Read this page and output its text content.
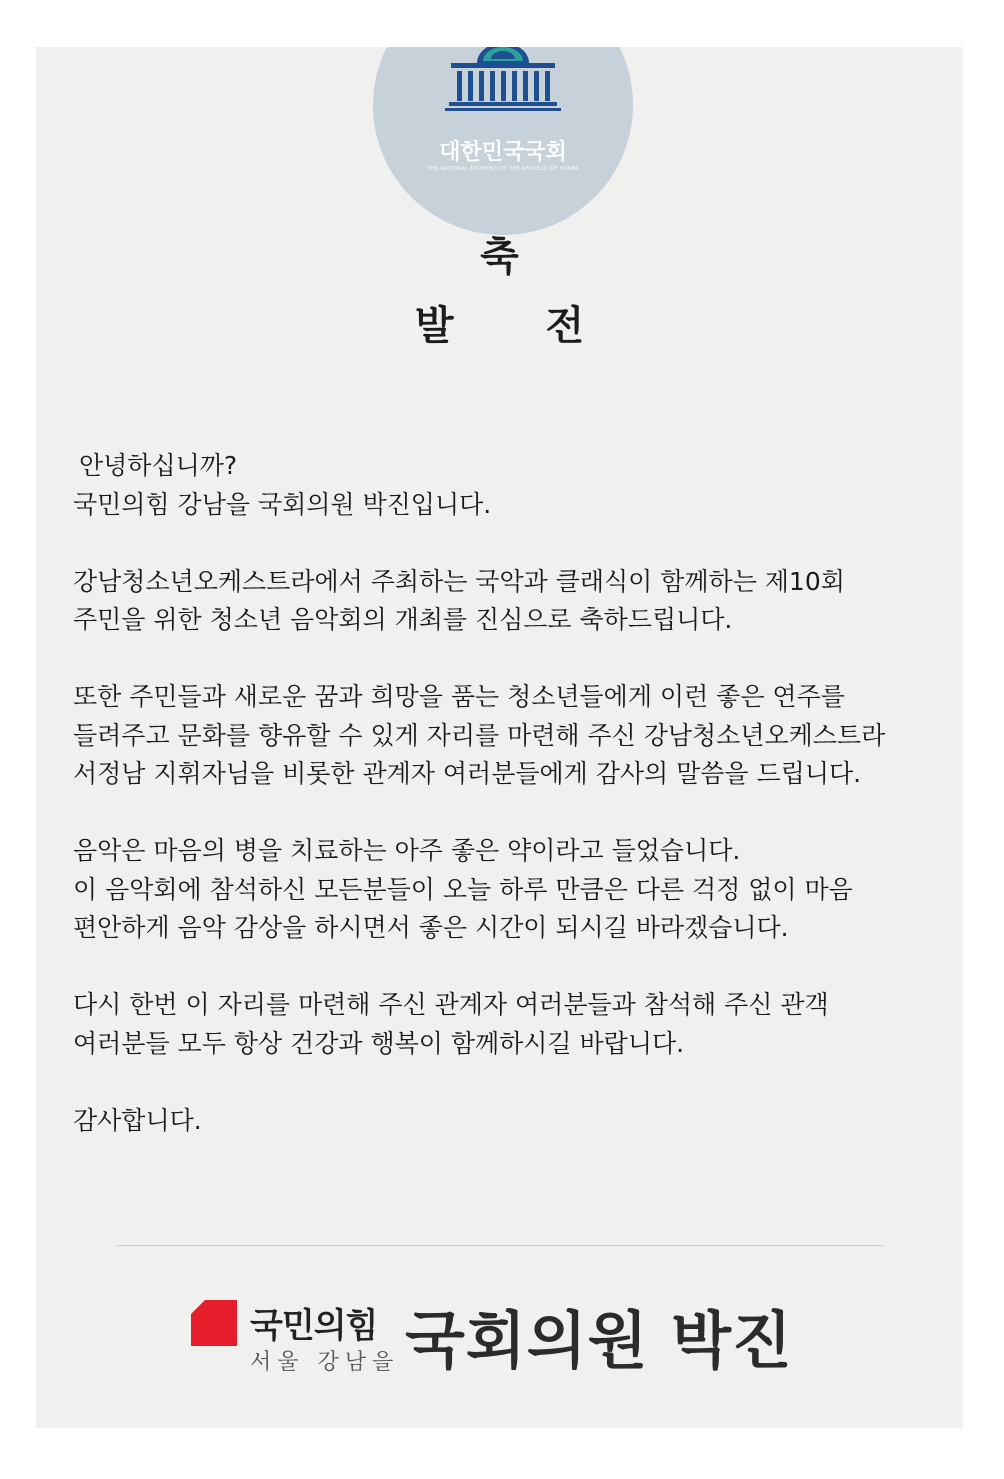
대한민국국회
THE NATIONAL ASSEMBLY OF THE REPUBLIC OF KOREA
축
발 전
안녕하십니까?
국민의힘 강남을 국회의원 박진입니다.
강남청소년오케스트라에서 주최하는 국악과 클래식이 함께하는 제10회
주민을 위한 청소년 음악회의 개최를 진심으로 축하드립니다.
또한 주민들과 새로운 꿈과 희망을 품는 청소년들에게 이런 좋은 연주를
들려주고 문화를 향유할 수 있게 자리를 마련해 주신 강남청소년오케스트라
서정남 지휘자님을 비롯한 관계자 여러분들에게 감사의 말씀을 드립니다.
음악은 마음의 병을 치료하는 아주 좋은 약이라고 들었습니다.
이 음악회에 참석하신 모든분들이 오늘 하루 만큼은 다른 걱정 없이 마음
편안하게 음악 감상을 하시면서 좋은 시간이 되시길 바라겠습니다.
다시 한번 이 자리를 마련해 주신 관계자 여러분들과 참석해 주신 관객
여러분들 모두 항상 건강과 행복이 함께하시길 바랍니다.
감사합니다.
국민의힘
서울 강남을 국회의원 박진
